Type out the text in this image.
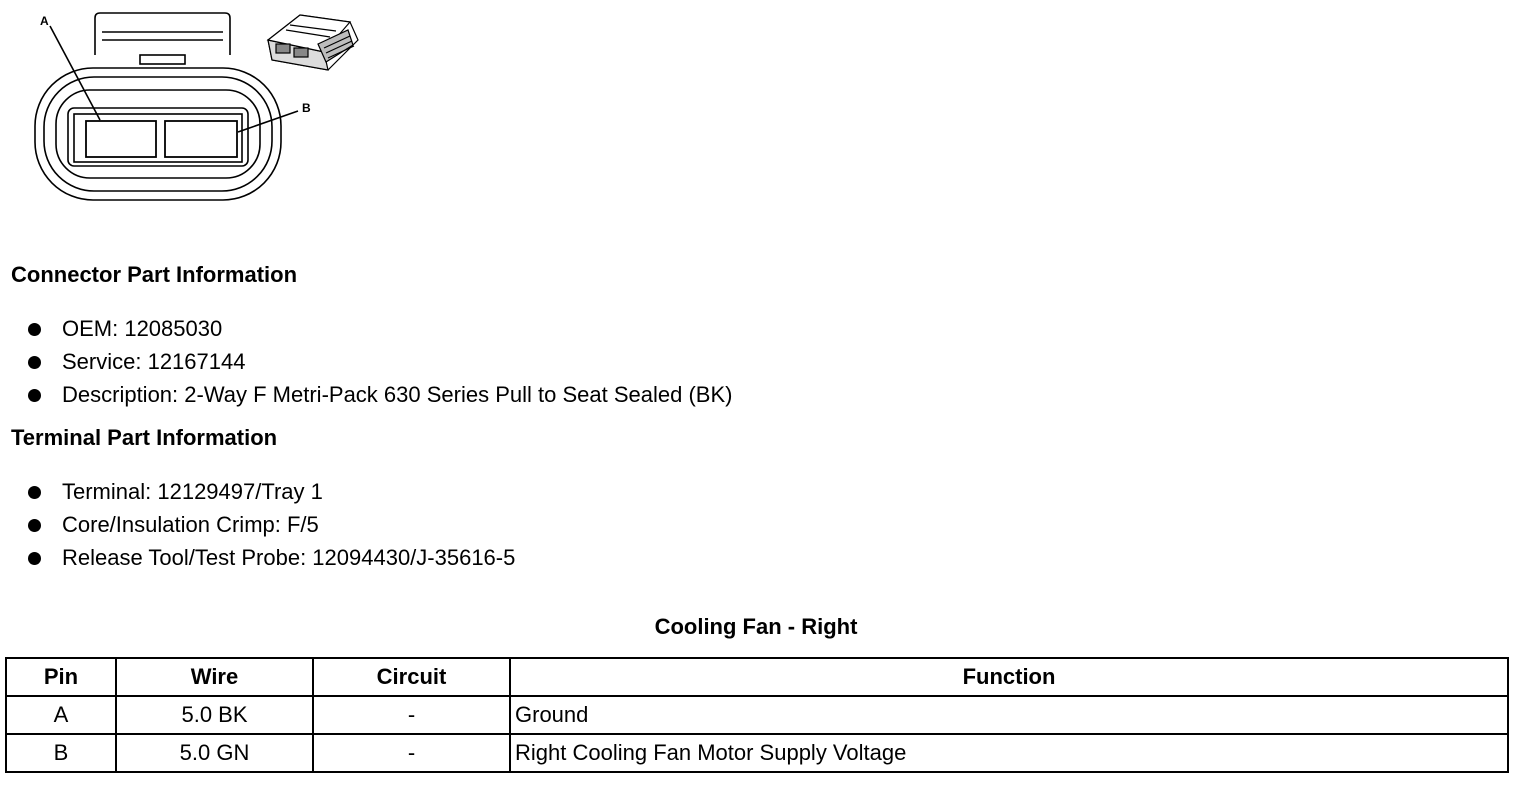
A
B
Connector Part Information
OEM: 12085030
Service: 12167144
Description: 2-Way F Metri-Pack 630 Series Pull to Seat Sealed (BK)
Terminal Part Information
Terminal: 12129497/Tray 1
Core/Insulation Crimp: F/5
Release Tool/Test Probe: 12094430/J-35616-5
Cooling Fan - Right
Pin	Wire	Circuit	Function
A	5.0 BK	-	Ground
B	5.0 GN	-	Right Cooling Fan Motor Supply Voltage
